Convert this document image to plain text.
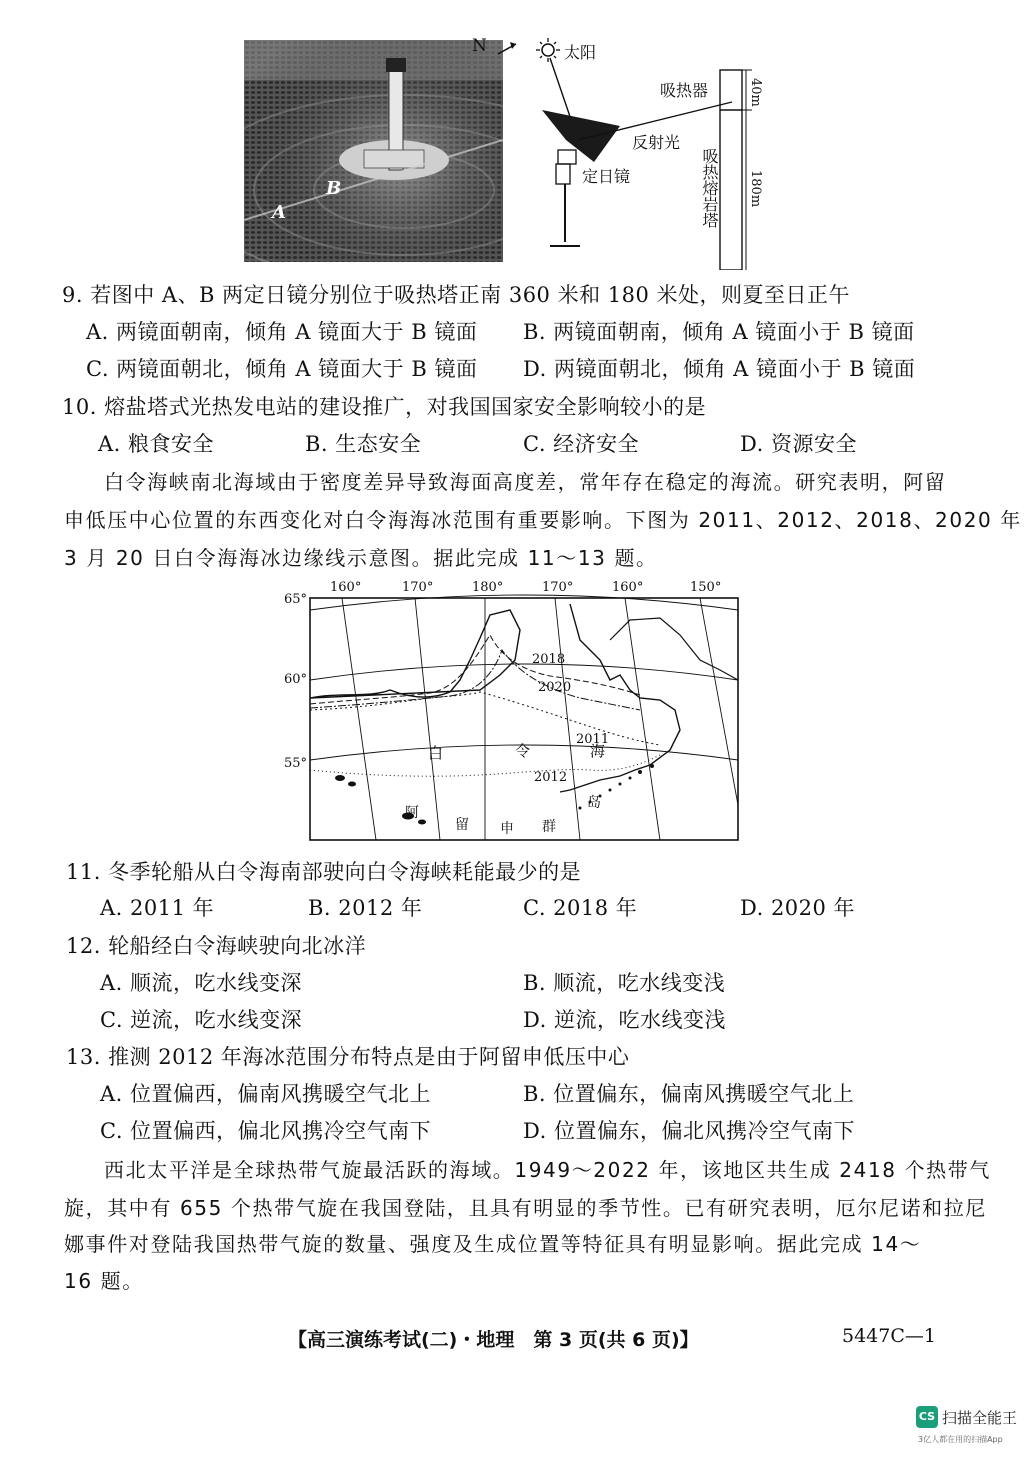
B
A
N	太阳
吸热器
反射光
定日镜	吸热熔岩塔
40m
180m
9. 若图中 A、B 两定日镜分别位于吸热塔正南 360 米和 180 米处，则夏至日正午
A. 两镜面朝南，倾角 A 镜面大于 B 镜面 B. 两镜面朝南，倾角 A 镜面小于 B 镜面
C. 两镜面朝北，倾角 A 镜面大于 B 镜面 D. 两镜面朝北，倾角 A 镜面小于 B 镜面
10. 熔盐塔式光热发电站的建设推广，对我国国家安全影响较小的是
A. 粮食安全	B. 生态安全	C. 经济安全	D. 资源安全
白令海峡南北海域由于密度差异导致海面高度差，常年存在稳定的海流。研究表明，阿留
申低压中心位置的东西变化对白令海海冰范围有重要影响。下图为 2011、2012、2018、2020 年
3 月 20 日白令海海冰边缘线示意图。据此完成 11～13 题。
160°	170°	180°	170°	160°	150°
65°
60°
55°
2018
2020
2011
2012
白	令	海
阿
留 申 群
岛
11. 冬季轮船从白令海南部驶向白令海峡耗能最少的是
A. 2011 年	B. 2012 年	C. 2018 年	D. 2020 年
12. 轮船经白令海峡驶向北冰洋
A. 顺流，吃水线变深	B. 顺流，吃水线变浅
C. 逆流，吃水线变深	D. 逆流，吃水线变浅
13. 推测 2012 年海冰范围分布特点是由于阿留申低压中心
A. 位置偏西，偏南风携暖空气北上	B. 位置偏东，偏南风携暖空气北上
C. 位置偏西，偏北风携冷空气南下	D. 位置偏东，偏北风携冷空气南下
西北太平洋是全球热带气旋最活跃的海域。1949～2022 年，该地区共生成 2418 个热带气
旋，其中有 655 个热带气旋在我国登陆，且具有明显的季节性。已有研究表明，厄尔尼诺和拉尼
娜事件对登陆我国热带气旋的数量、强度及生成位置等特征具有明显影响。据此完成 14～
16 题。
【高三演练考试(二)・地理　第 3 页(共 6 页)】	5447C—1
CS 扫描全能王
3亿人都在用的扫描App
